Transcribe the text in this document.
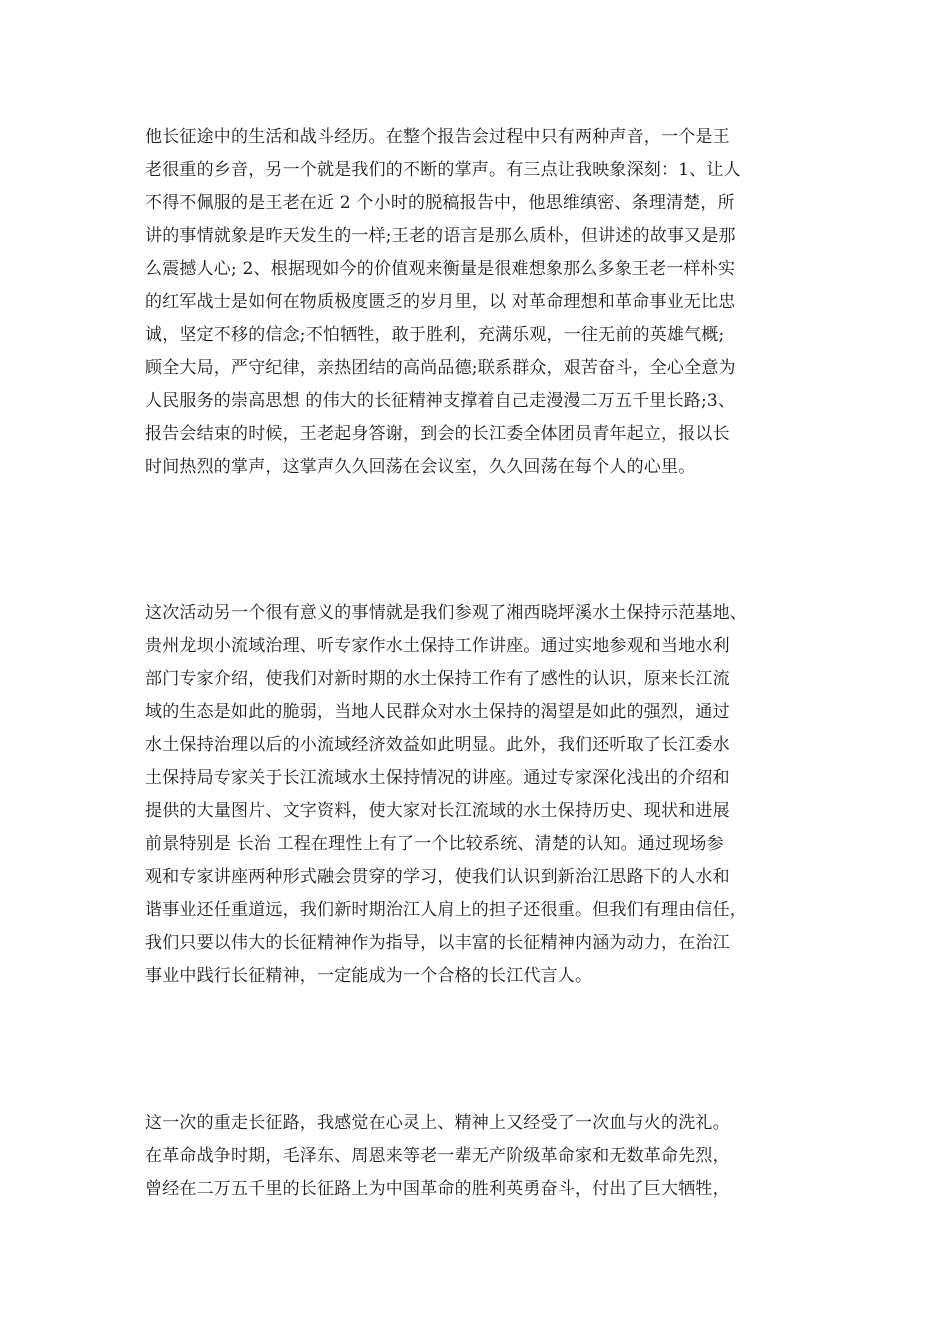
他长征途中的生活和战斗经历。在整个报告会过程中只有两种声音，一个是王
老很重的乡音，另一个就是我们的不断的掌声。有三点让我映象深刻：1、让人
不得不佩服的是王老在近 2 个小时的脱稿报告中，他思维缜密、条理清楚，所
讲的事情就象是昨天发生的一样;王老的语言是那么质朴，但讲述的故事又是那
么震撼人心; 2、根据现如今的价值观来衡量是很难想象那么多象王老一样朴实
的红军战士是如何在物质极度匮乏的岁月里，以 对革命理想和革命事业无比忠
诚，坚定不移的信念;不怕牺牲，敢于胜利，充满乐观，一往无前的英雄气概;
顾全大局，严守纪律，亲热团结的高尚品德;联系群众，艰苦奋斗，全心全意为
人民服务的崇高思想 的伟大的长征精神支撑着自己走漫漫二万五千里长路;3、
报告会结束的时候，王老起身答谢，到会的长江委全体团员青年起立，报以长
时间热烈的掌声，这掌声久久回荡在会议室，久久回荡在每个人的心里。
这次活动另一个很有意义的事情就是我们参观了湘西晓坪溪水土保持示范基地、
贵州龙坝小流域治理、听专家作水土保持工作讲座。通过实地参观和当地水利
部门专家介绍，使我们对新时期的水土保持工作有了感性的认识，原来长江流
域的生态是如此的脆弱，当地人民群众对水土保持的渴望是如此的强烈，通过
水土保持治理以后的小流域经济效益如此明显。此外，我们还听取了长江委水
土保持局专家关于长江流域水土保持情况的讲座。通过专家深化浅出的介绍和
提供的大量图片、文字资料，使大家对长江流域的水土保持历史、现状和进展
前景特别是 长治 工程在理性上有了一个比较系统、清楚的认知。通过现场参
观和专家讲座两种形式融会贯穿的学习，使我们认识到新治江思路下的人水和
谐事业还任重道远，我们新时期治江人肩上的担子还很重。但我们有理由信任，
我们只要以伟大的长征精神作为指导，以丰富的长征精神内涵为动力，在治江
事业中践行长征精神，一定能成为一个合格的长江代言人。
这一次的重走长征路，我感觉在心灵上、精神上又经受了一次血与火的洗礼。
在革命战争时期，毛泽东、周恩来等老一辈无产阶级革命家和无数革命先烈，
曾经在二万五千里的长征路上为中国革命的胜利英勇奋斗，付出了巨大牺牲，
